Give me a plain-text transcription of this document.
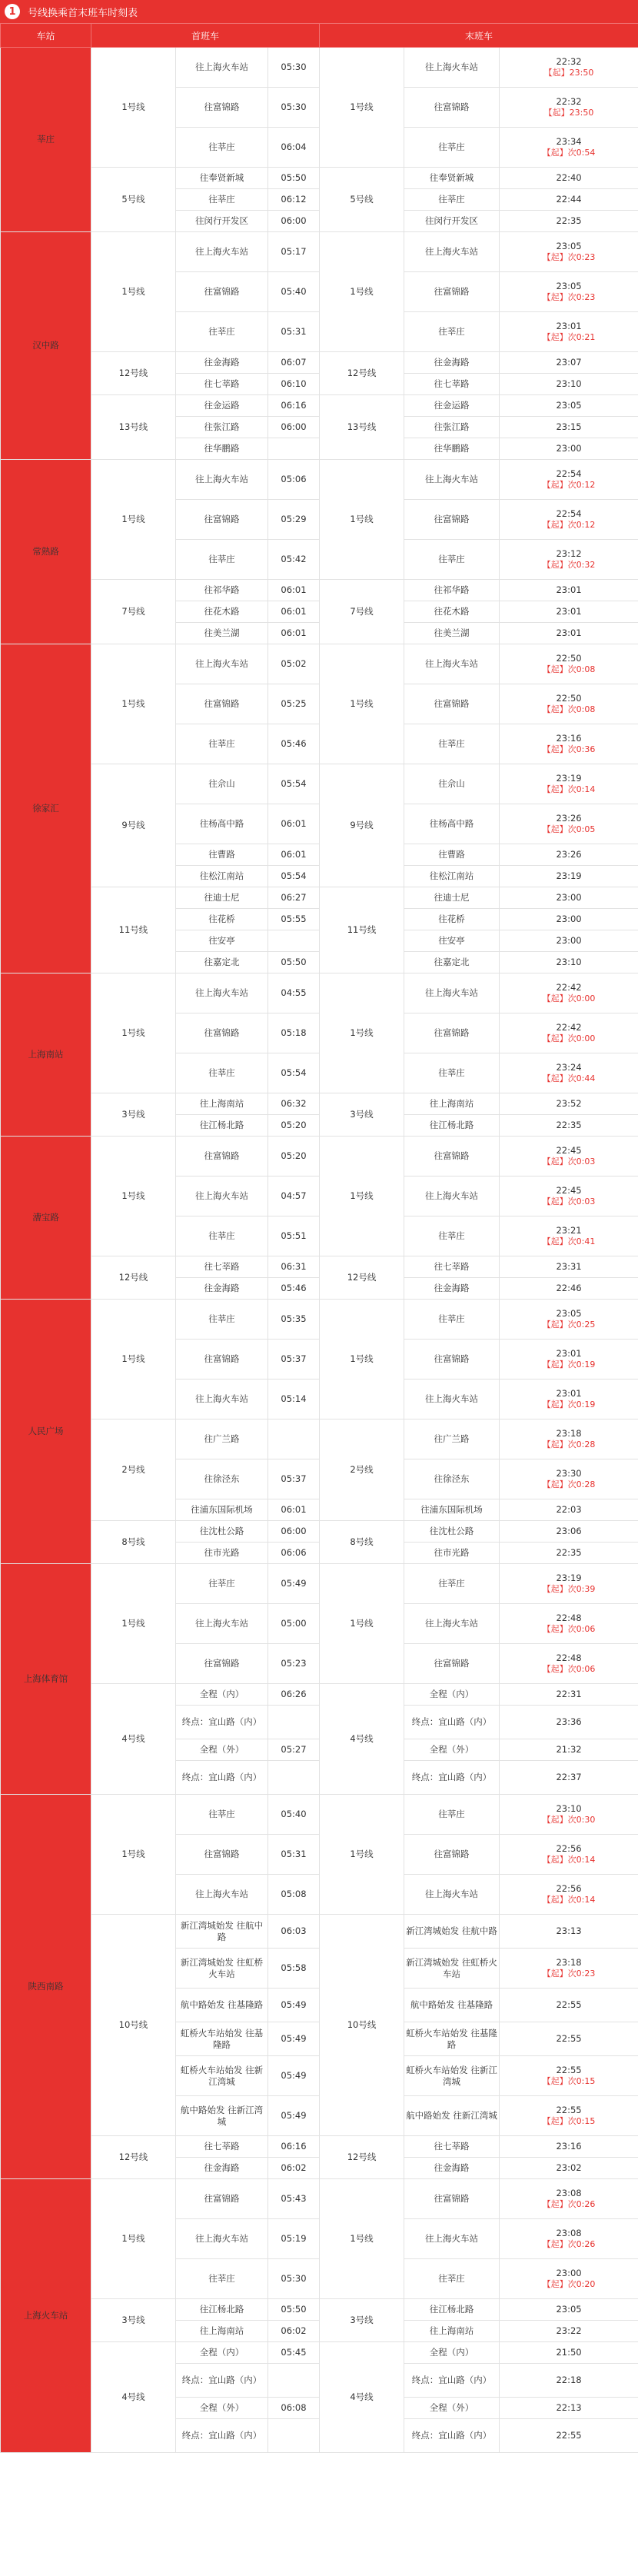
1	号线换乘首末班车时刻表
车站	首班车			末班车		
莘庄	1号线	往上海火车站	05:30	1号线	往上海火车站	22:32
【起】23:50

		往富锦路	05:30		往富锦路	22:32
【起】23:50

		往莘庄	06:04		往莘庄	23:34
【起】次0:54

	5号线	往奉贤新城	05:50	5号线	往奉贤新城	22:40

		往莘庄	06:12		往莘庄	22:44

		往闵行开发区	06:00		往闵行开发区	22:35

汉中路	1号线	往上海火车站	05:17	1号线	往上海火车站	23:05
【起】次0:23

		往富锦路	05:40		往富锦路	23:05
【起】次0:23

		往莘庄	05:31		往莘庄	23:01
【起】次0:21

	12号线	往金海路	06:07	12号线	往金海路	23:07

		往七莘路	06:10		往七莘路	23:10

	13号线	往金运路	06:16	13号线	往金运路	23:05

		往张江路	06:00		往张江路	23:15

		往华鹏路			往华鹏路	23:00

常熟路	1号线	往上海火车站	05:06	1号线	往上海火车站	22:54
【起】次0:12

		往富锦路	05:29		往富锦路	22:54
【起】次0:12

		往莘庄	05:42		往莘庄	23:12
【起】次0:32

	7号线	往祁华路	06:01	7号线	往祁华路	23:01

		往花木路	06:01		往花木路	23:01

		往美兰湖	06:01		往美兰湖	23:01

徐家汇	1号线	往上海火车站	05:02	1号线	往上海火车站	22:50
【起】次0:08

		往富锦路	05:25		往富锦路	22:50
【起】次0:08

		往莘庄	05:46		往莘庄	23:16
【起】次0:36

	9号线	往佘山	05:54	9号线	往佘山	23:19
【起】次0:14

		往杨高中路	06:01		往杨高中路	23:26
【起】次0:05

		往曹路	06:01		往曹路	23:26

		往松江南站	05:54		往松江南站	23:19

	11号线	往迪士尼	06:27	11号线	往迪士尼	23:00

		往花桥	05:55		往花桥	23:00

		往安亭			往安亭	23:00

		往嘉定北	05:50		往嘉定北	23:10

上海南站	1号线	往上海火车站	04:55	1号线	往上海火车站	22:42
【起】次0:00

		往富锦路	05:18		往富锦路	22:42
【起】次0:00

		往莘庄	05:54		往莘庄	23:24
【起】次0:44

	3号线	往上海南站	06:32	3号线	往上海南站	23:52

		往江杨北路	05:20		往江杨北路	22:35

漕宝路	1号线	往富锦路	05:20	1号线	往富锦路	22:45
【起】次0:03

		往上海火车站	04:57		往上海火车站	22:45
【起】次0:03

		往莘庄	05:51		往莘庄	23:21
【起】次0:41

	12号线	往七莘路	06:31	12号线	往七莘路	23:31

		往金海路	05:46		往金海路	22:46

人民广场	1号线	往莘庄	05:35	1号线	往莘庄	23:05
【起】次0:25

		往富锦路	05:37		往富锦路	23:01
【起】次0:19

		往上海火车站	05:14		往上海火车站	23:01
【起】次0:19

	2号线	往广兰路		2号线	往广兰路	23:18
【起】次0:28

		往徐泾东	05:37		往徐泾东	23:30
【起】次0:28

		往浦东国际机场	06:01		往浦东国际机场	22:03

	8号线	往沈杜公路	06:00	8号线	往沈杜公路	23:06

		往市光路	06:06		往市光路	22:35

上海体育馆	1号线	往莘庄	05:49	1号线	往莘庄	23:19
【起】次0:39

		往上海火车站	05:00		往上海火车站	22:48
【起】次0:06

		往富锦路	05:23		往富锦路	22:48
【起】次0:06

	4号线	全程（内）	06:26	4号线	全程（内）	22:31

		终点：宜山路（内）			终点：宜山路（内）	23:36

		全程（外）	05:27		全程（外）	21:32

		终点：宜山路（内）			终点：宜山路（内）	22:37

陕西南路	1号线	往莘庄	05:40	1号线	往莘庄	23:10
【起】次0:30

		往富锦路	05:31		往富锦路	22:56
【起】次0:14

		往上海火车站	05:08		往上海火车站	22:56
【起】次0:14

	10号线	新江湾城始发 往航中路	06:03	10号线	新江湾城始发 往航中路	23:13

		新江湾城始发 往虹桥火车站	05:58		新江湾城始发 往虹桥火车站	23:18
【起】次0:23

		航中路始发 往基隆路	05:49		航中路始发 往基隆路	22:55

		虹桥火车站始发 往基隆路	05:49		虹桥火车站始发 往基隆路	22:55

		虹桥火车站始发 往新江湾城	05:49		虹桥火车站始发 往新江湾城	22:55
【起】次0:15

		航中路始发 往新江湾城	05:49		航中路始发 往新江湾城	22:55
【起】次0:15

	12号线	往七莘路	06:16	12号线	往七莘路	23:16

		往金海路	06:02		往金海路	23:02

上海火车站	1号线	往富锦路	05:43	1号线	往富锦路	23:08
【起】次0:26

		往上海火车站	05:19		往上海火车站	23:08
【起】次0:26

		往莘庄	05:30		往莘庄	23:00
【起】次0:20

	3号线	往江杨北路	05:50	3号线	往江杨北路	23:05

		往上海南站	06:02		往上海南站	23:22

	4号线	全程（内）	05:45	4号线	全程（内）	21:50

		终点：宜山路（内）			终点：宜山路（内）	22:18

		全程（外）	06:08		全程（外）	22:13

		终点：宜山路（内）			终点：宜山路（内）	22:55
